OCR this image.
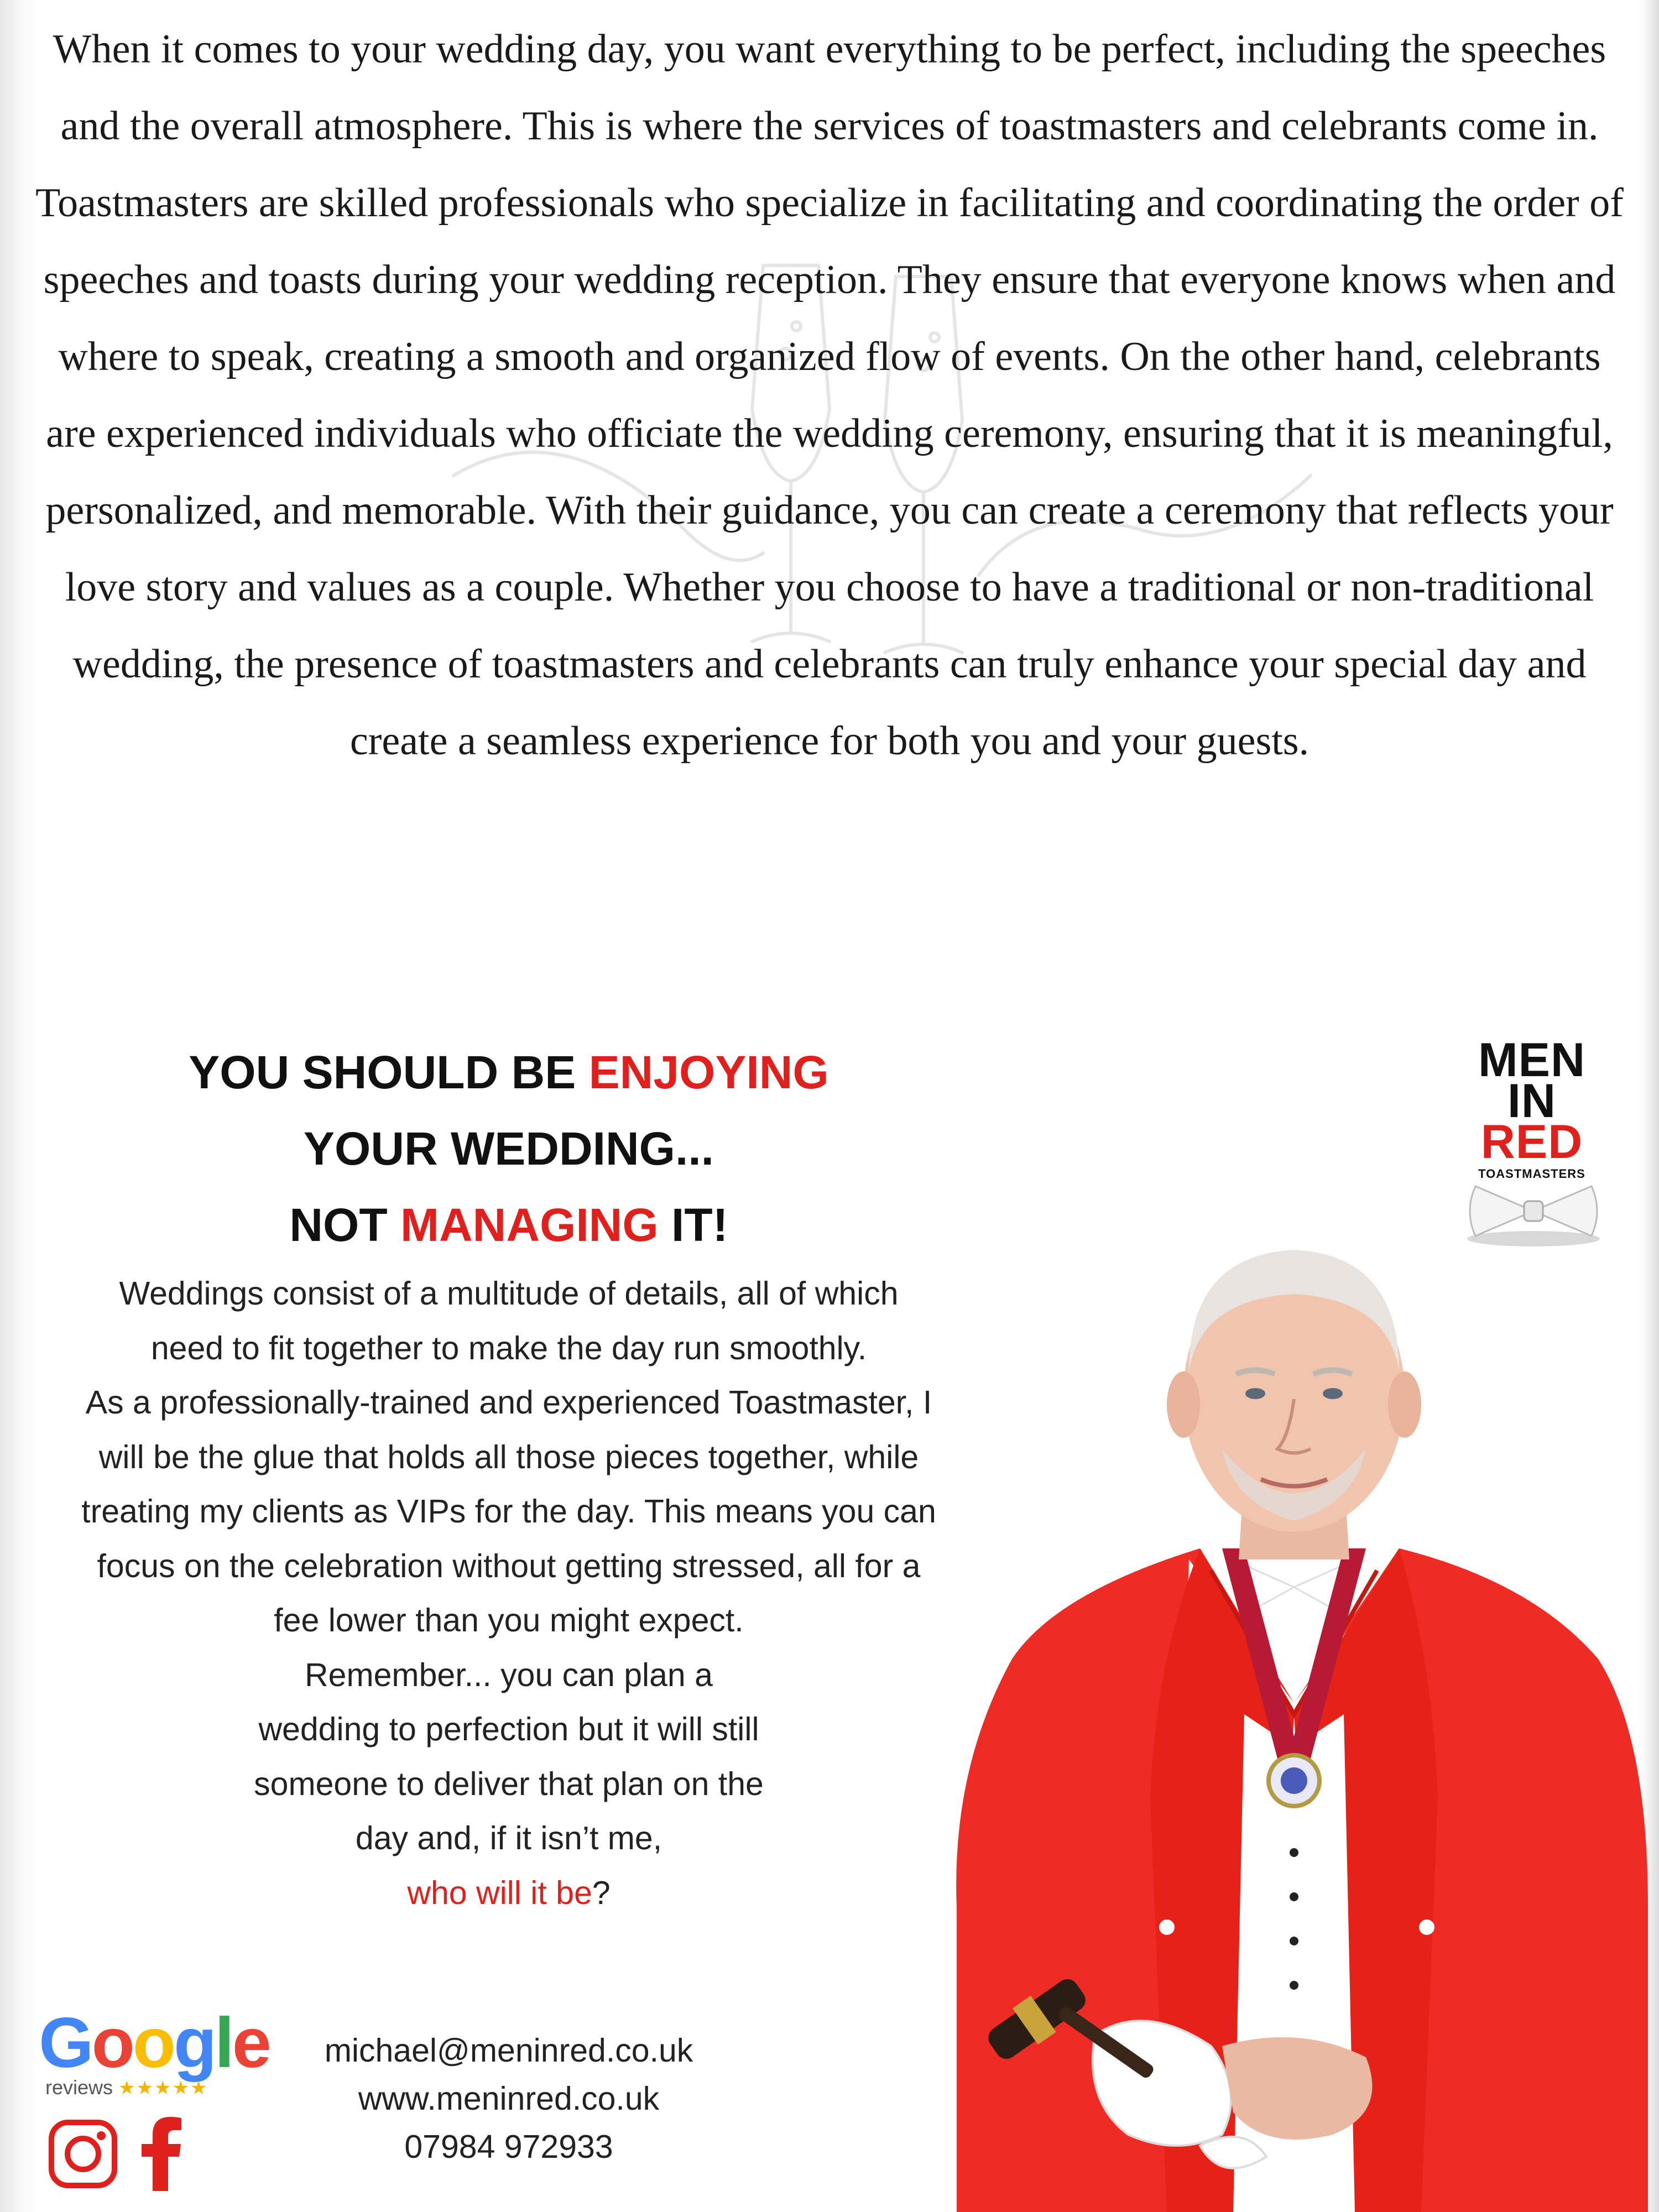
When it comes to your wedding day, you want everything to be perfect, including the speeches and the overall atmosphere. This is where the services of toastmasters and celebrants come in.

Toastmasters are skilled professionals who specialize in facilitating and coordinating the order of speeches and toasts during your wedding reception. They ensure that everyone knows when and where to speak, creating a smooth and organized flow of events. On the other hand, celebrants are experienced individuals who officiate the wedding ceremony, ensuring that it is meaningful, personalized, and memorable. With their guidance, you can create a ceremony that reflects your love story and values as a couple. Whether you choose to have a traditional or non-traditional wedding, the presence of toastmasters and celebrants can truly enhance your special day and create a seamless experience for both you and your guests.

YOU SHOULD BE ENJOYING
YOUR WEDDING...
NOT MANAGING IT!

Weddings consist of a multitude of details, all of which need to fit together to make the day run smoothly.

As a professionally-trained and experienced Toastmaster, I will be the glue that holds all those pieces together, while treating my clients as VIPs for the day. This means you can focus on the celebration without getting stressed, all for a fee lower than you might expect.

Remember... you can plan a

wedding to perfection but it will still

someone to deliver that plan on the

day and, if it isn’t me,

who will it be?

michael@meninred.co.uk
www.meninred.co.uk
07984 972933
Google
reviews ★★★★★
MEN
IN
RED
TOASTMASTERS
